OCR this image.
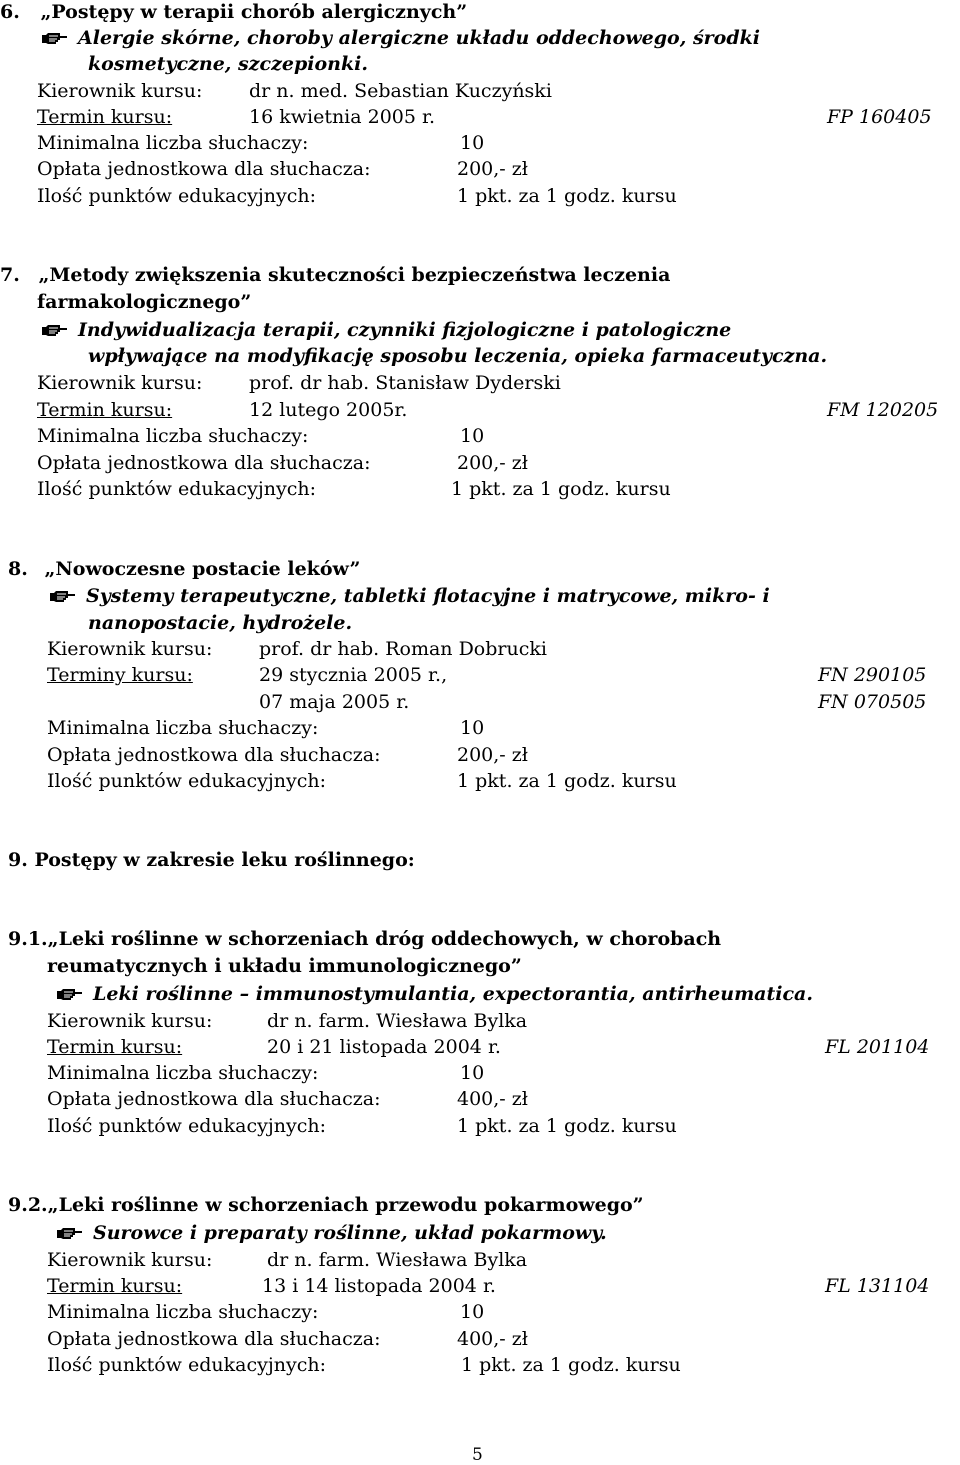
6. „Postępy w terapii chorób alergicznych”
Alergie skórne, choroby alergiczne układu oddechowego, środki
kosmetyczne, szczepionki.
Kierownik kursu: dr n. med. Sebastian Kuczyński
Termin kursu:	16 kwietnia 2005 r.	FP 160405
Minimalna liczba słuchaczy:	10
Opłata jednostkowa dla słuchacza:	200,- zł
Ilość punktów edukacyjnych:	1 pkt. za 1 godz. kursu
7. „Metody zwiększenia skuteczności bezpieczeństwa leczenia
farmakologicznego”
Indywidualizacja terapii, czynniki fizjologiczne i patologiczne
wpływające na modyfikację sposobu leczenia, opieka farmaceutyczna.
Kierownik kursu: prof. dr hab. Stanisław Dyderski
Termin kursu:	12 lutego 2005r.	FM 120205
Minimalna liczba słuchaczy:	10
Opłata jednostkowa dla słuchacza:	200,- zł
Ilość punktów edukacyjnych:	1 pkt. za 1 godz. kursu
8. „Nowoczesne postacie leków”
Systemy terapeutyczne, tabletki flotacyjne i matrycowe, mikro- i
nanopostacie, hydrożele.
Kierownik kursu: prof. dr hab. Roman Dobrucki
Terminy kursu:	29 stycznia 2005 r.,	FN 290105
07 maja 2005 r.	FN 070505
Minimalna liczba słuchaczy:	10
Opłata jednostkowa dla słuchacza:	200,- zł
Ilość punktów edukacyjnych:	1 pkt. za 1 godz. kursu
9. Postępy w zakresie leku roślinnego:
9.1.„Leki roślinne w schorzeniach dróg oddechowych, w chorobach
reumatycznych i układu immunologicznego”
Leki roślinne – immunostymulantia, expectorantia, antirheumatica.
Kierownik kursu:	dr n. farm. Wiesława Bylka
Termin kursu:	20 i 21 listopada 2004 r.	FL 201104
Minimalna liczba słuchaczy:	10
Opłata jednostkowa dla słuchacza:	400,- zł
Ilość punktów edukacyjnych:	1 pkt. za 1 godz. kursu
9.2.„Leki roślinne w schorzeniach przewodu pokarmowego”
Surowce i preparaty roślinne, układ pokarmowy.
Kierownik kursu:	dr n. farm. Wiesława Bylka
Termin kursu:	13 i 14 listopada 2004 r.	FL 131104
Minimalna liczba słuchaczy:	10
Opłata jednostkowa dla słuchacza:	400,- zł
Ilość punktów edukacyjnych:	1 pkt. za 1 godz. kursu
5
